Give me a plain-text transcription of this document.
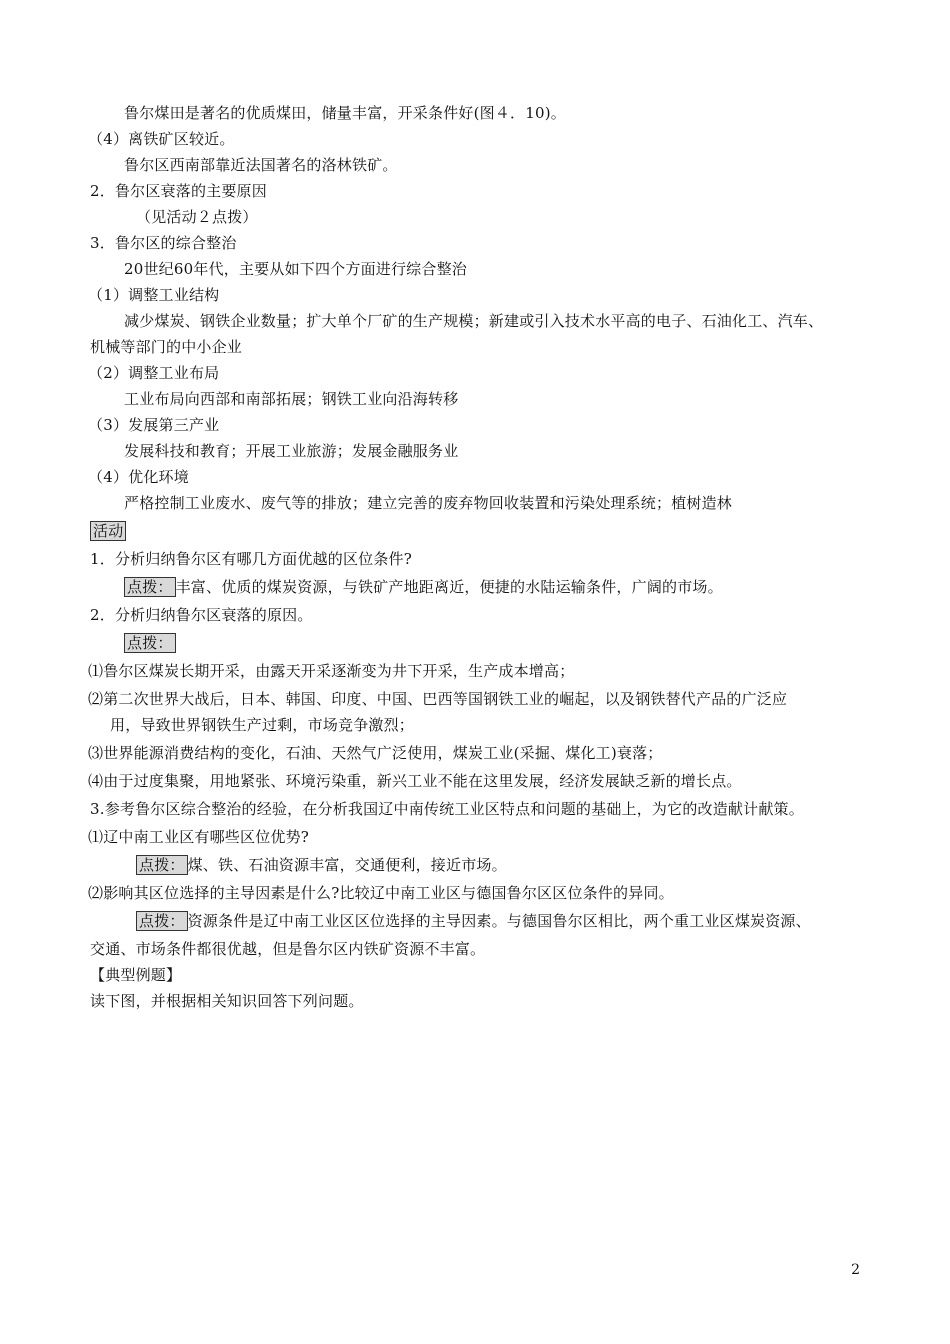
鲁尔煤田是著名的优质煤田，储量丰富，开采条件好(图４．10)。
（4）离铁矿区较近。
鲁尔区西南部靠近法国著名的洛林铁矿。
2．鲁尔区衰落的主要原因
（见活动２点拨）
3．鲁尔区的综合整治
20世纪60年代，主要从如下四个方面进行综合整治
（1）调整工业结构
减少煤炭、钢铁企业数量；扩大单个厂矿的生产规模；新建或引入技术水平高的电子、石油化工、汽车、
机械等部门的中小企业
（2）调整工业布局
工业布局向西部和南部拓展；钢铁工业向沿海转移
（3）发展第三产业
发展科技和教育；开展工业旅游；发展金融服务业
（4）优化环境
严格控制工业废水、废气等的排放；建立完善的废弃物回收装置和污染处理系统；植树造林
活动
1．分析归纳鲁尔区有哪几方面优越的区位条件?
点拨： 丰富、优质的煤炭资源，与铁矿产地距离近，便捷的水陆运输条件，广阔的市场。
2．分析归纳鲁尔区衰落的原因。
点拨：
⑴鲁尔区煤炭长期开采，由露天开采逐渐变为井下开采，生产成本增高；
⑵第二次世界大战后，日本、韩国、印度、中国、巴西等国钢铁工业的崛起，以及钢铁替代产品的广泛应
用，导致世界钢铁生产过剩，市场竞争激烈；
⑶世界能源消费结构的变化，石油、天然气广泛使用，煤炭工业(采掘、煤化工)衰落；
⑷由于过度集聚，用地紧张、环境污染重，新兴工业不能在这里发展，经济发展缺乏新的增长点。
3.参考鲁尔区综合整治的经验，在分析我国辽中南传统工业区特点和问题的基础上，为它的改造献计献策。
⑴辽中南工业区有哪些区位优势?
点拨： 煤、铁、石油资源丰富，交通便利，接近市场。
⑵影响其区位选择的主导因素是什么?比较辽中南工业区与德国鲁尔区区位条件的异同。
点拨： 资源条件是辽中南工业区区位选择的主导因素。与德国鲁尔区相比，两个重工业区煤炭资源、
交通、市场条件都很优越，但是鲁尔区内铁矿资源不丰富。
【典型例题】
读下图，并根据相关知识回答下列问题。
2
